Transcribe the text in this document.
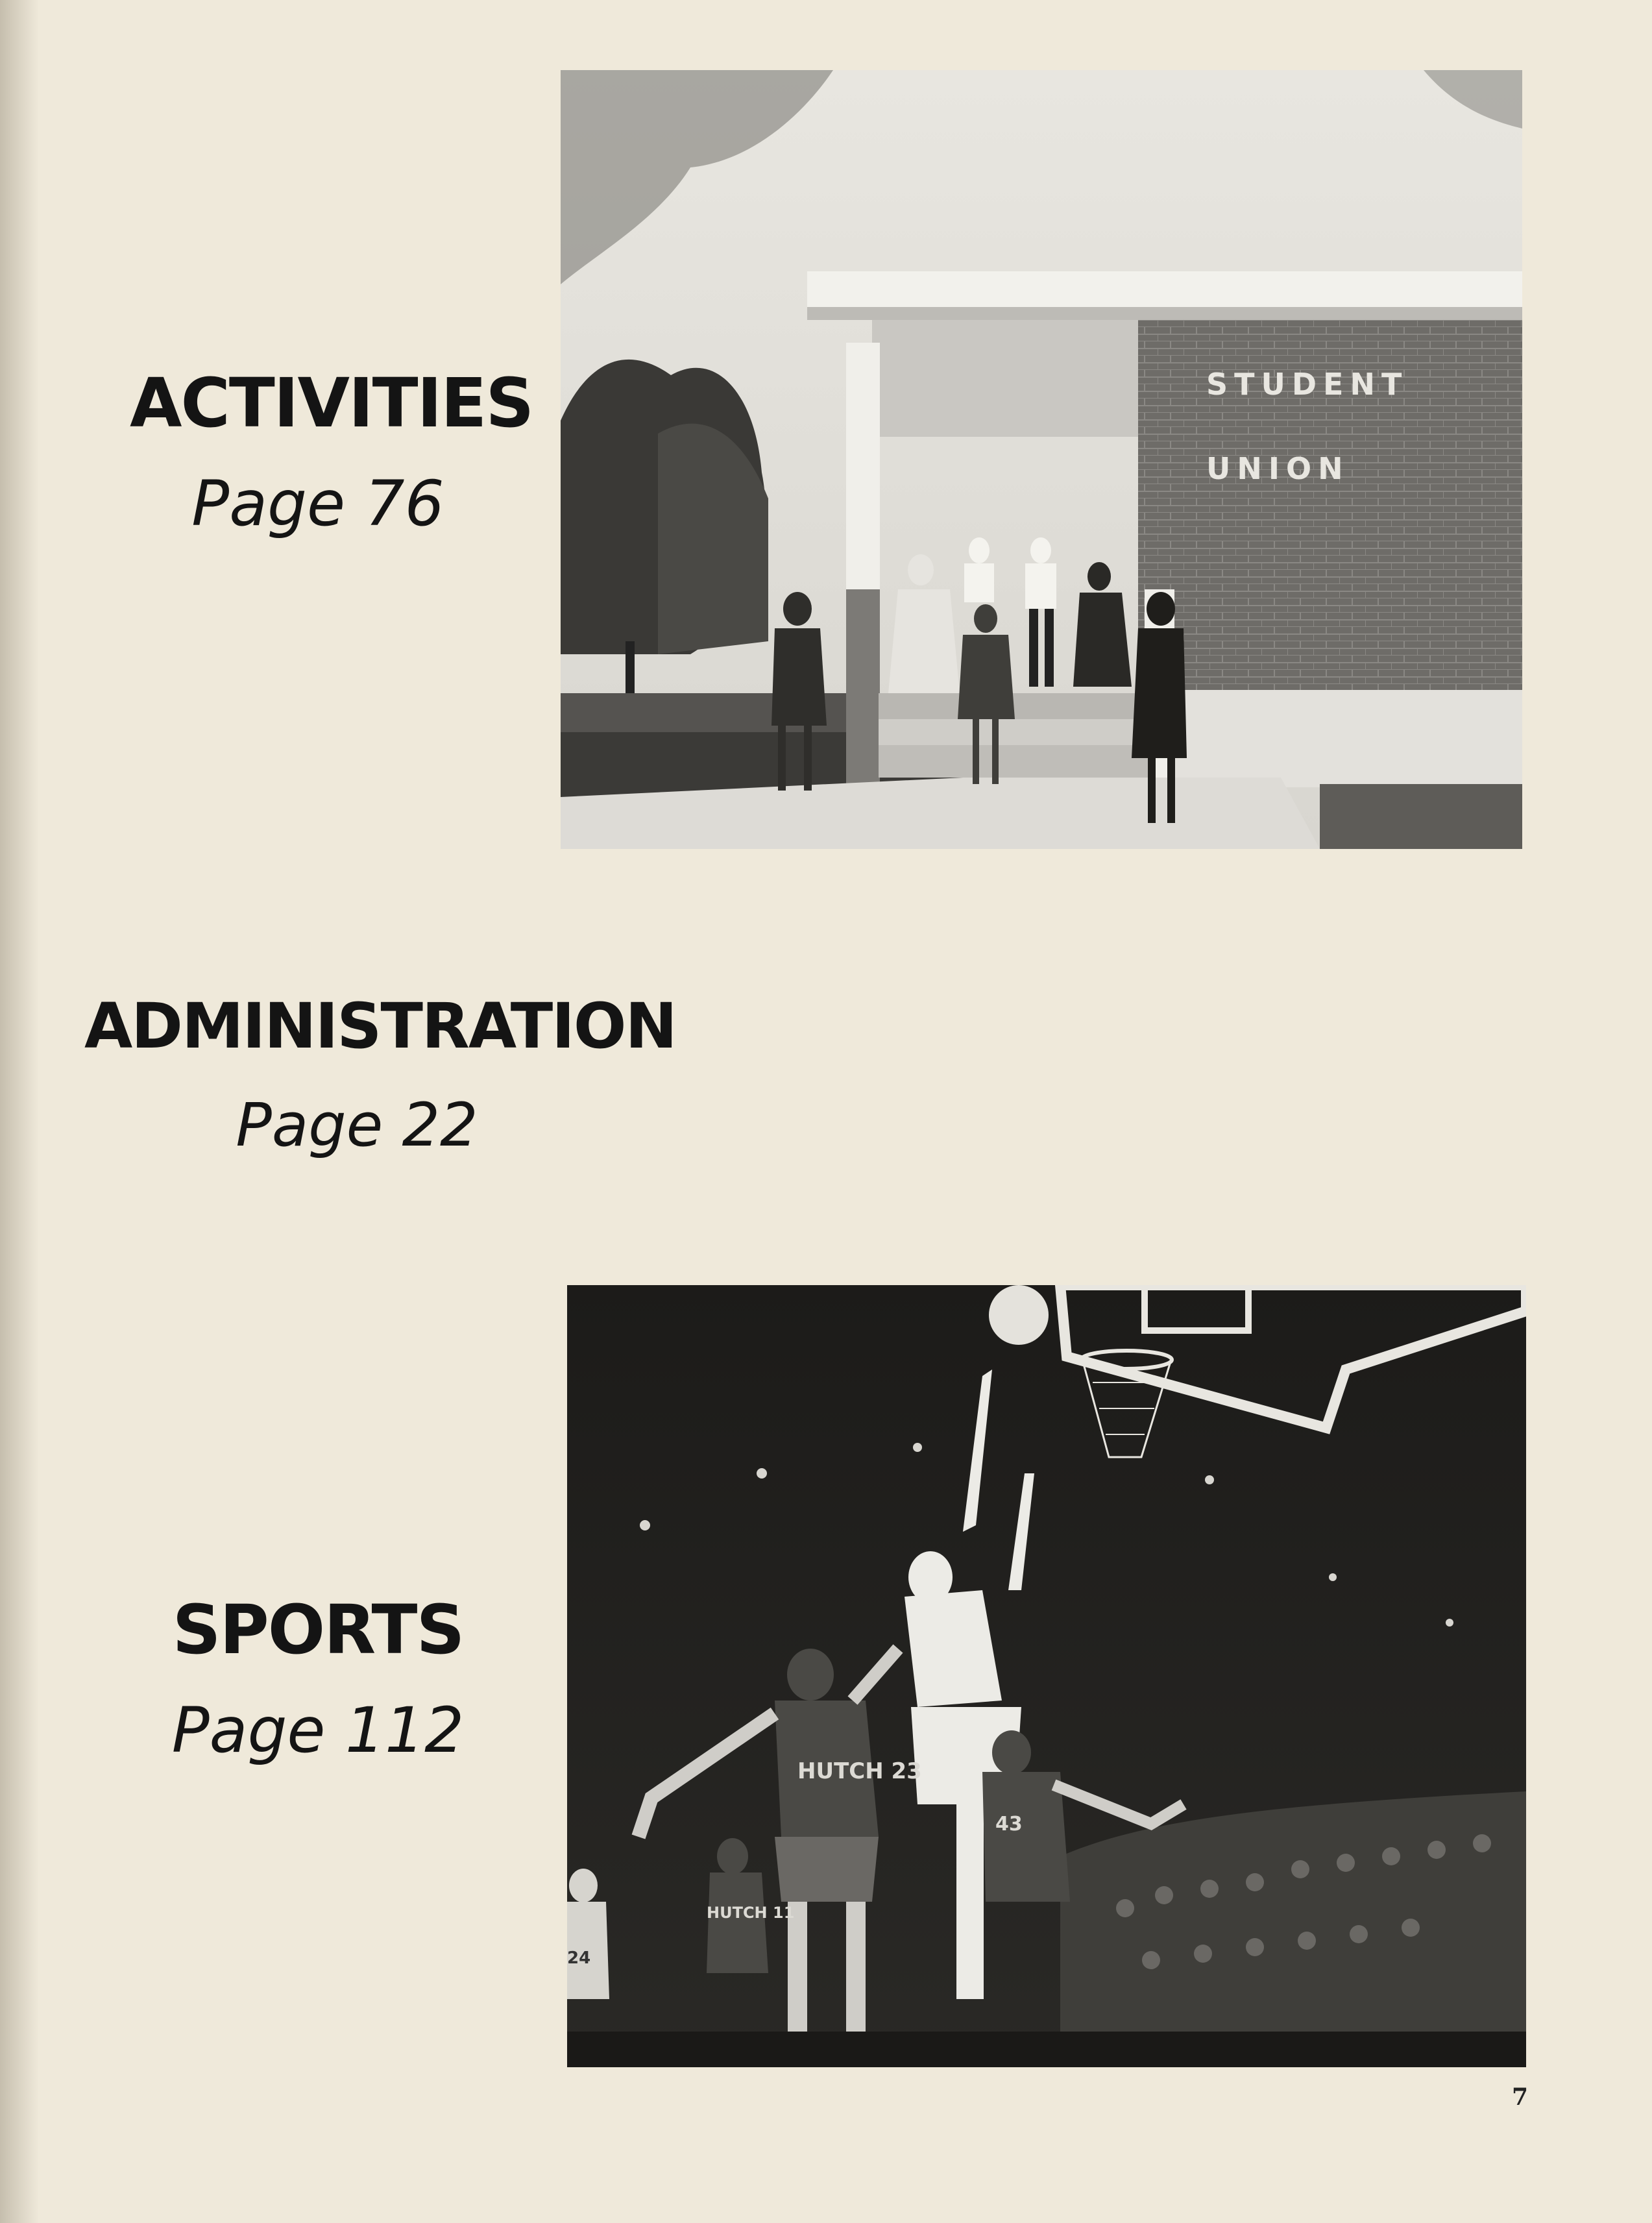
ACTIVITIES
Page 76
ADMINISTRATION
Page 22
SPORTS
Page 112
STUDENT
UNION
HUTCH 23
43
HUTCH 11
24
7
